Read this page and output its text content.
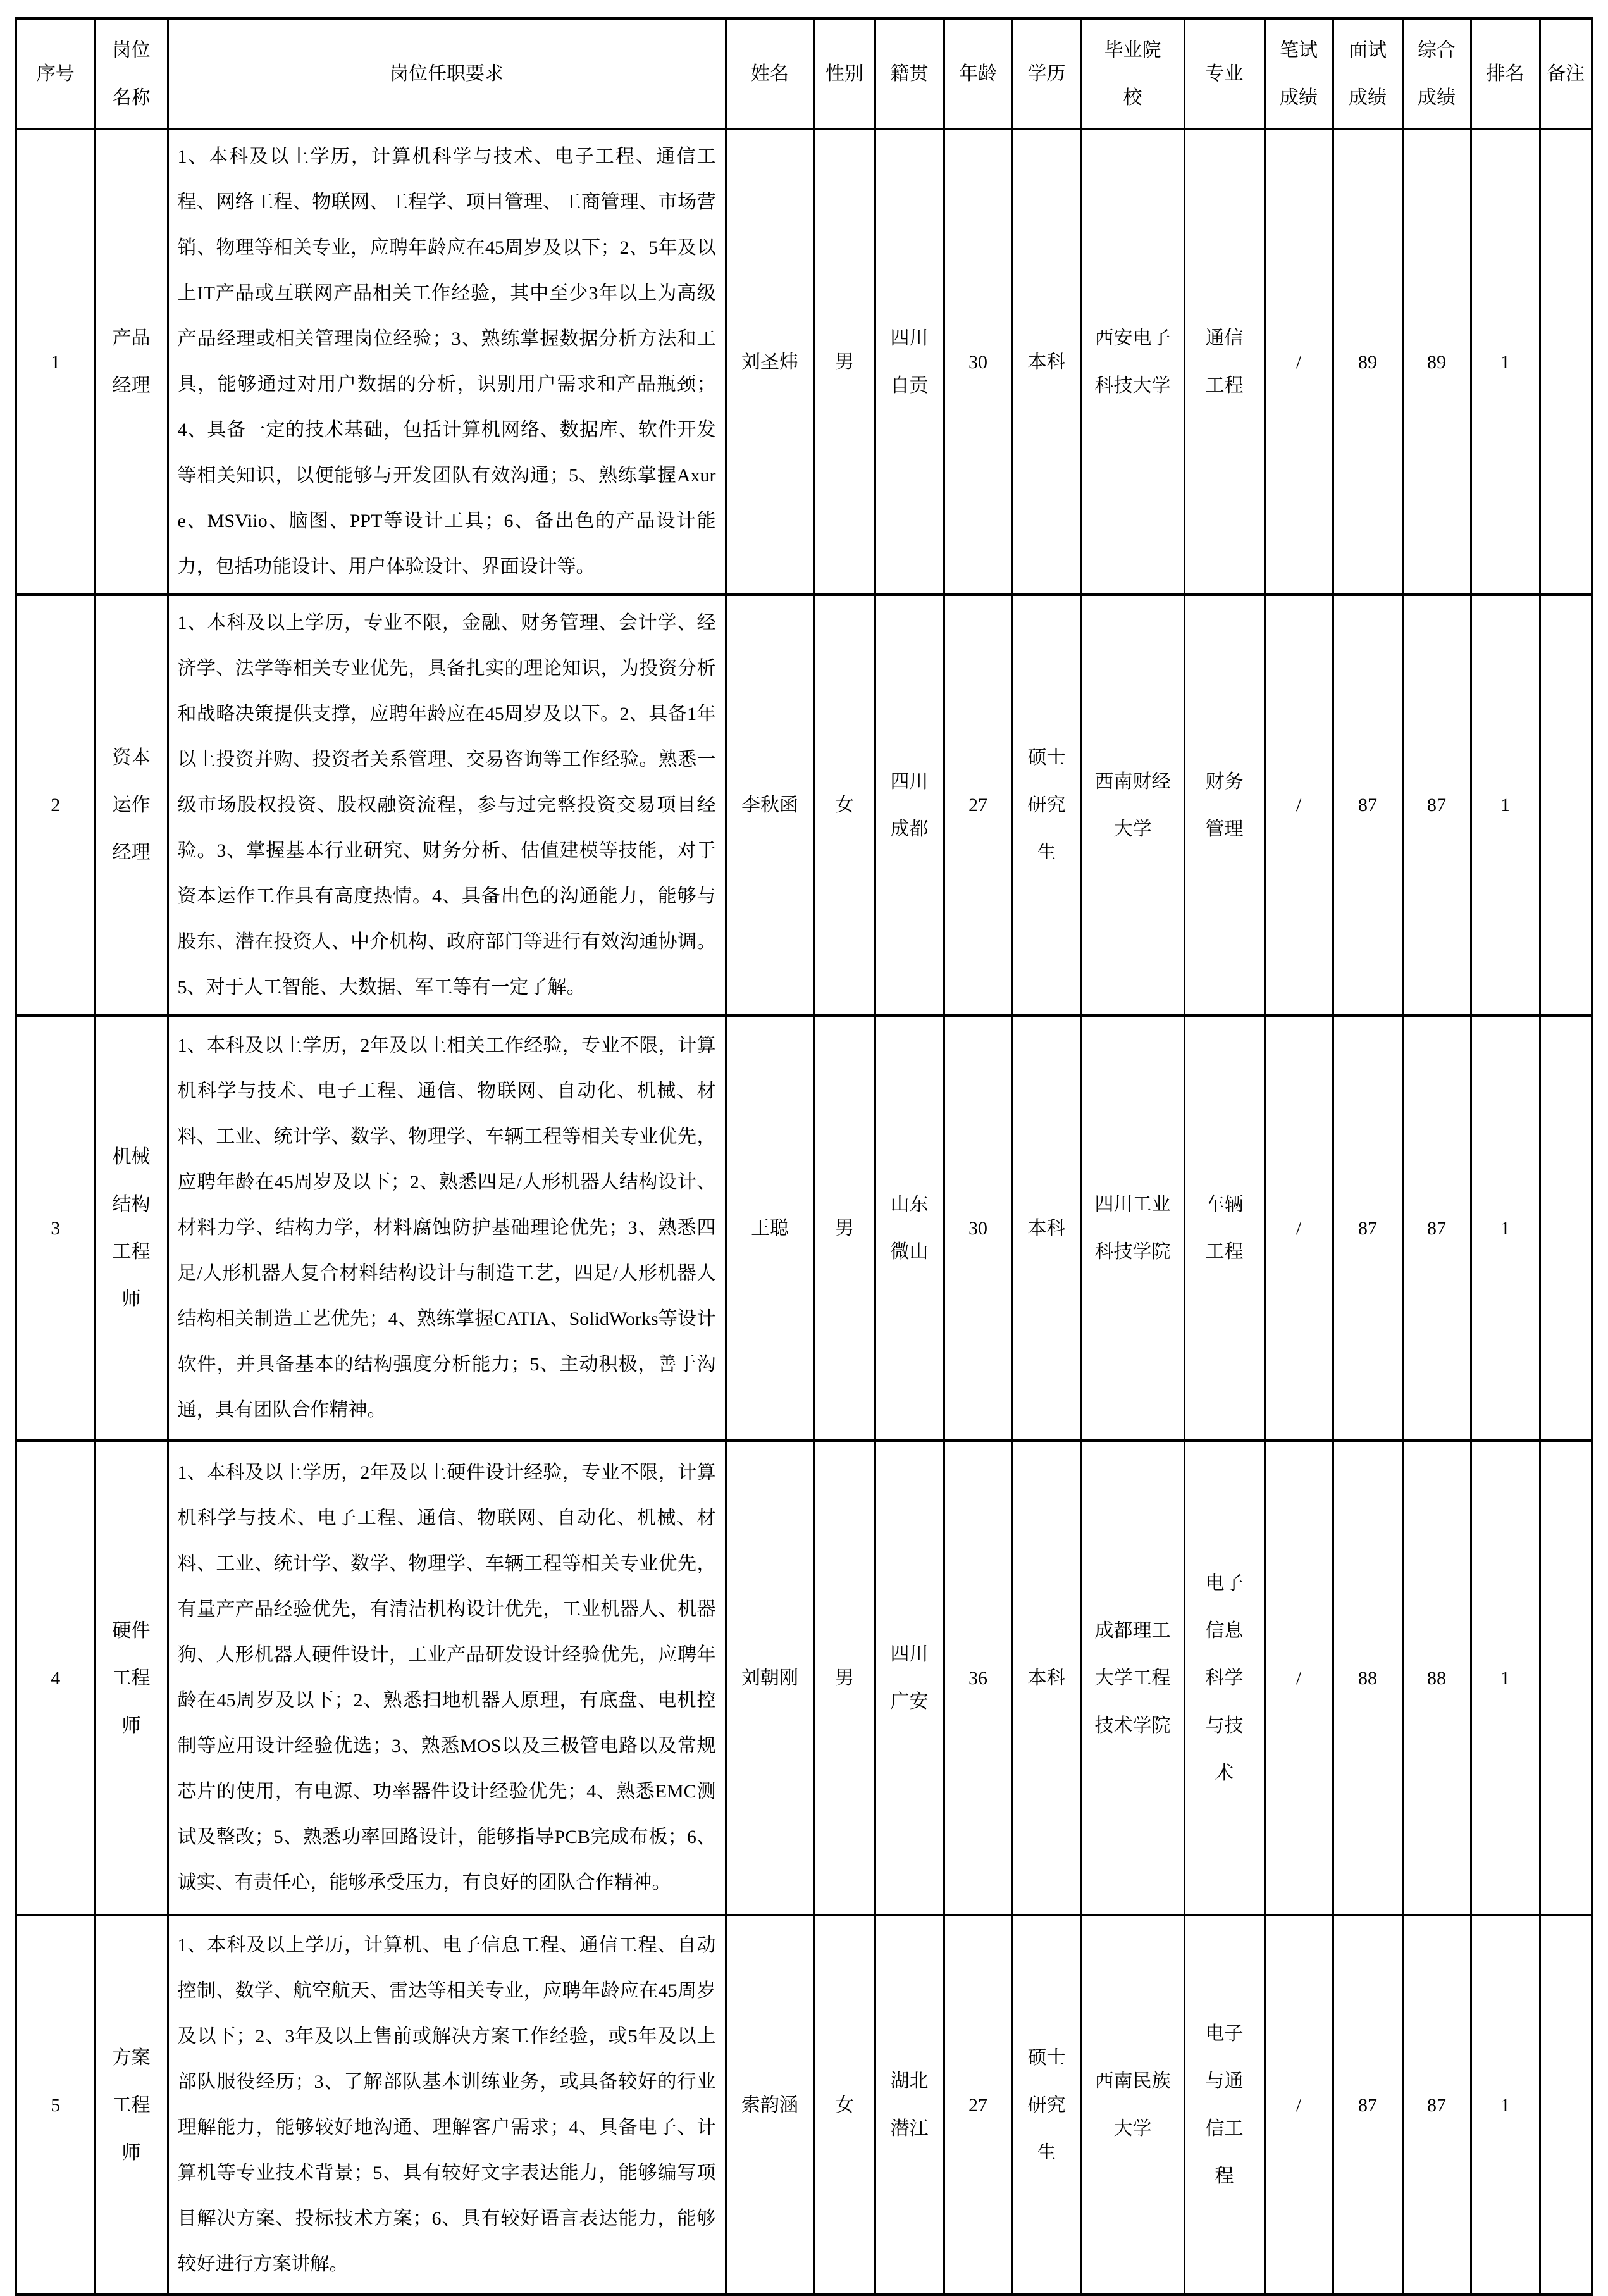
序号	岗位名称	岗位任职要求	姓名	性别	籍贯	年龄	学历	毕业院校	专业	笔试成绩	面试成绩	综合成绩	排名	备注
1	产品经理	1、本科及以上学历，计算机科学与技术、电子工程、通信工程、网络工程、物联网、工程学、项目管理、工商管理、市场营销、物理等相关专业，应聘年龄应在45周岁及以下；2、5年及以上IT产品或互联网产品相关工作经验，其中至少3年以上为高级产品经理或相关管理岗位经验；3、熟练掌握数据分析方法和工具，能够通过对用户数据的分析，识别用户需求和产品瓶颈；4、具备一定的技术基础，包括计算机网络、数据库、软件开发等相关知识，以便能够与开发团队有效沟通；5、熟练掌握Axure、MSViio、脑图、PPT等设计工具；6、备出色的产品设计能力，包括功能设计、用户体验设计、界面设计等。	刘圣炜	男	四川自贡	30	本科	西安电子科技大学	通信工程	/	89	89	1	
2	资本运作经理	1、本科及以上学历，专业不限，金融、财务管理、会计学、经济学、法学等相关专业优先，具备扎实的理论知识，为投资分析和战略决策提供支撑，应聘年龄应在45周岁及以下。2、具备1年以上投资并购、投资者关系管理、交易咨询等工作经验。熟悉一级市场股权投资、股权融资流程，参与过完整投资交易项目经验。3、掌握基本行业研究、财务分析、估值建模等技能，对于资本运作工作具有高度热情。4、具备出色的沟通能力，能够与股东、潜在投资人、中介机构、政府部门等进行有效沟通协调。5、对于人工智能、大数据、军工等有一定了解。	李秋函	女	四川成都	27	硕士研究生	西南财经大学	财务管理	/	87	87	1	
3	机械结构工程师	1、本科及以上学历，2年及以上相关工作经验，专业不限，计算机科学与技术、电子工程、通信、物联网、自动化、机械、材料、工业、统计学、数学、物理学、车辆工程等相关专业优先，应聘年龄在45周岁及以下；2、熟悉四足/人形机器人结构设计、材料力学、结构力学，材料腐蚀防护基础理论优先；3、熟悉四足/人形机器人复合材料结构设计与制造工艺，四足/人形机器人结构相关制造工艺优先；4、熟练掌握CATIA、SolidWorks等设计软件，并具备基本的结构强度分析能力；5、主动积极，善于沟通，具有团队合作精神。	王聪	男	山东微山	30	本科	四川工业科技学院	车辆工程	/	87	87	1	
4	硬件工程师	1、本科及以上学历，2年及以上硬件设计经验，专业不限，计算机科学与技术、电子工程、通信、物联网、自动化、机械、材料、工业、统计学、数学、物理学、车辆工程等相关专业优先，有量产产品经验优先，有清洁机构设计优先，工业机器人、机器狗、人形机器人硬件设计，工业产品研发设计经验优先，应聘年龄在45周岁及以下；2、熟悉扫地机器人原理，有底盘、电机控制等应用设计经验优选；3、熟悉MOS以及三极管电路以及常规芯片的使用，有电源、功率器件设计经验优先；4、熟悉EMC测试及整改；5、熟悉功率回路设计，能够指导PCB完成布板；6、诚实、有责任心，能够承受压力，有良好的团队合作精神。	刘朝刚	男	四川广安	36	本科	成都理工大学工程技术学院	电子信息科学与技术	/	88	88	1	
5	方案工程师	1、本科及以上学历，计算机、电子信息工程、通信工程、自动控制、数学、航空航天、雷达等相关专业，应聘年龄应在45周岁及以下；2、3年及以上售前或解决方案工作经验，或5年及以上部队服役经历；3、了解部队基本训练业务，或具备较好的行业理解能力，能够较好地沟通、理解客户需求；4、具备电子、计算机等专业技术背景；5、具有较好文字表达能力，能够编写项目解决方案、投标技术方案；6、具有较好语言表达能力，能够较好进行方案讲解。	索韵涵	女	湖北潜江	27	硕士研究生	西南民族大学	电子与通信工程	/	87	87	1	
